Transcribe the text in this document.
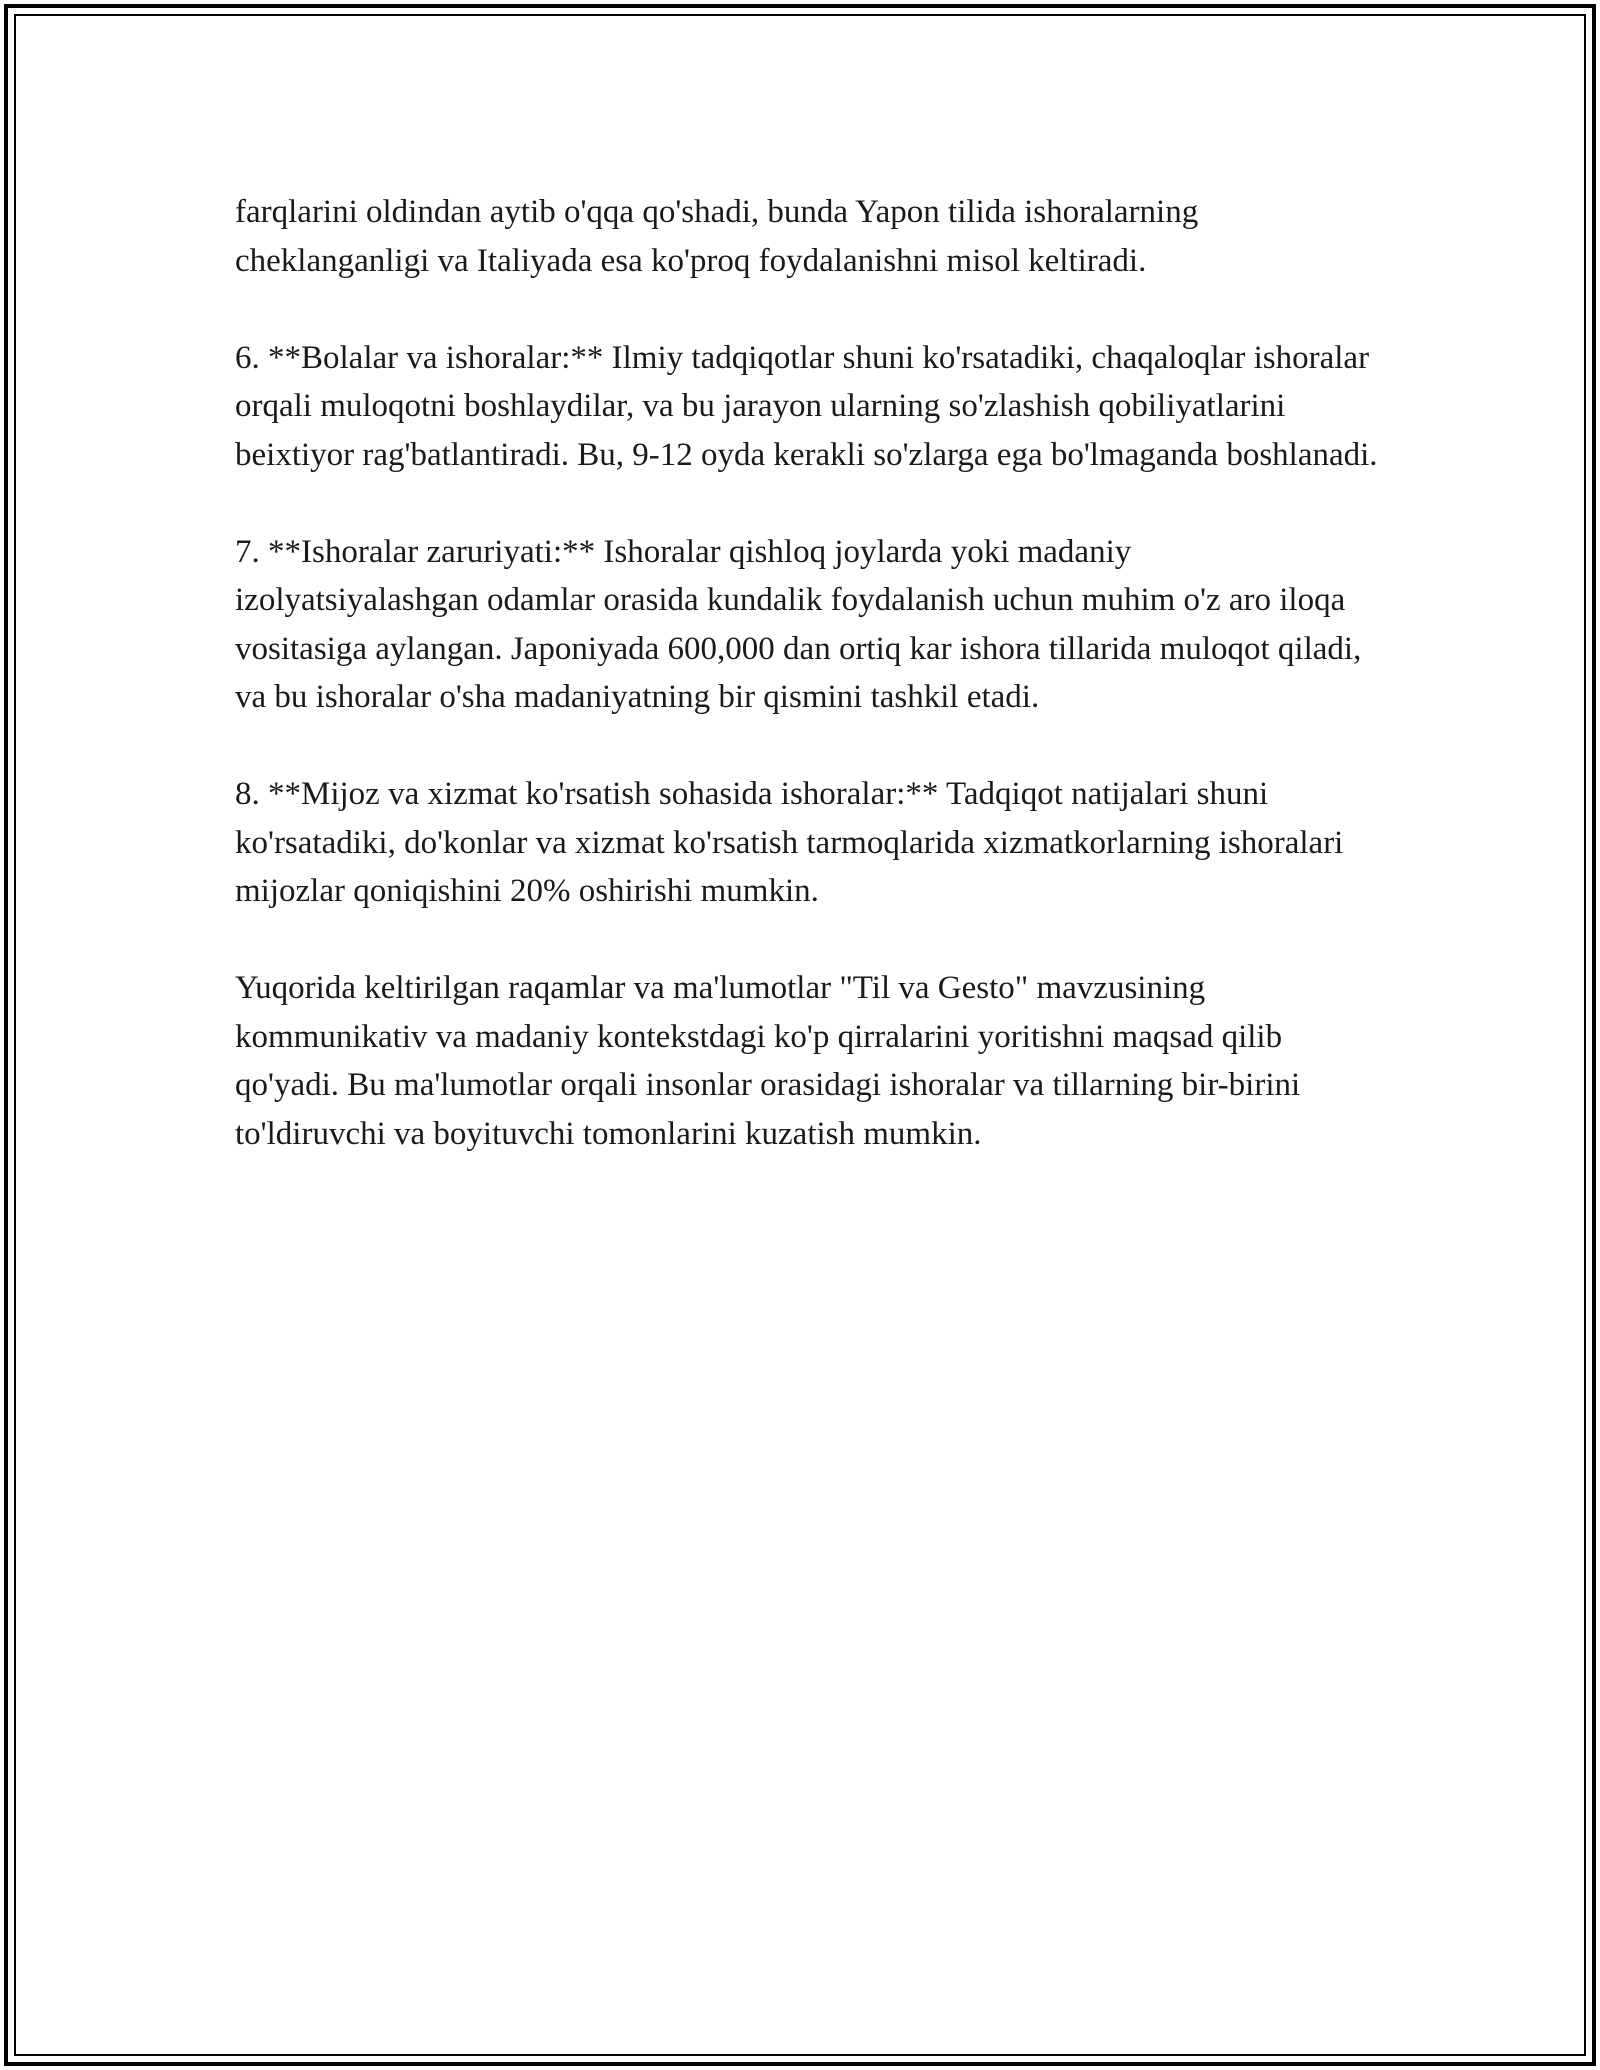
farqlarini oldindan aytib o'qqa qo'shadi, bunda Yapon tilida ishoralarning cheklanganligi va Italiyada esa ko'proq foydalanishni misol keltiradi.

6. **Bolalar va ishoralar:** Ilmiy tadqiqotlar shuni ko'rsatadiki, chaqaloqlar ishoralar orqali muloqotni boshlaydilar, va bu jarayon ularning so'zlashish qobiliyatlarini beixtiyor rag'batlantiradi. Bu, 9-12 oyda kerakli so'zlarga ega bo'lmaganda boshlanadi.

7. **Ishoralar zaruriyati:** Ishoralar qishloq joylarda yoki madaniy izolyatsiyalashgan odamlar orasida kundalik foydalanish uchun muhim o'z aro iloqa vositasiga aylangan. Japoniyada 600,000 dan ortiq kar ishora tillarida muloqot qiladi, va bu ishoralar o'sha madaniyatning bir qismini tashkil etadi.

8. **Mijoz va xizmat ko'rsatish sohasida ishoralar:** Tadqiqot natijalari shuni ko'rsatadiki, do'konlar va xizmat ko'rsatish tarmoqlarida xizmatkorlarning ishoralari mijozlar qoniqishini 20% oshirishi mumkin.

Yuqorida keltirilgan raqamlar va ma'lumotlar "Til va Gesto" mavzusining kommunikativ va madaniy kontekstdagi ko'p qirralarini yoritishni maqsad qilib qo'yadi. Bu ma'lumotlar orqali insonlar orasidagi ishoralar va tillarning bir-birini to'ldiruvchi va boyituvchi tomonlarini kuzatish mumkin.
